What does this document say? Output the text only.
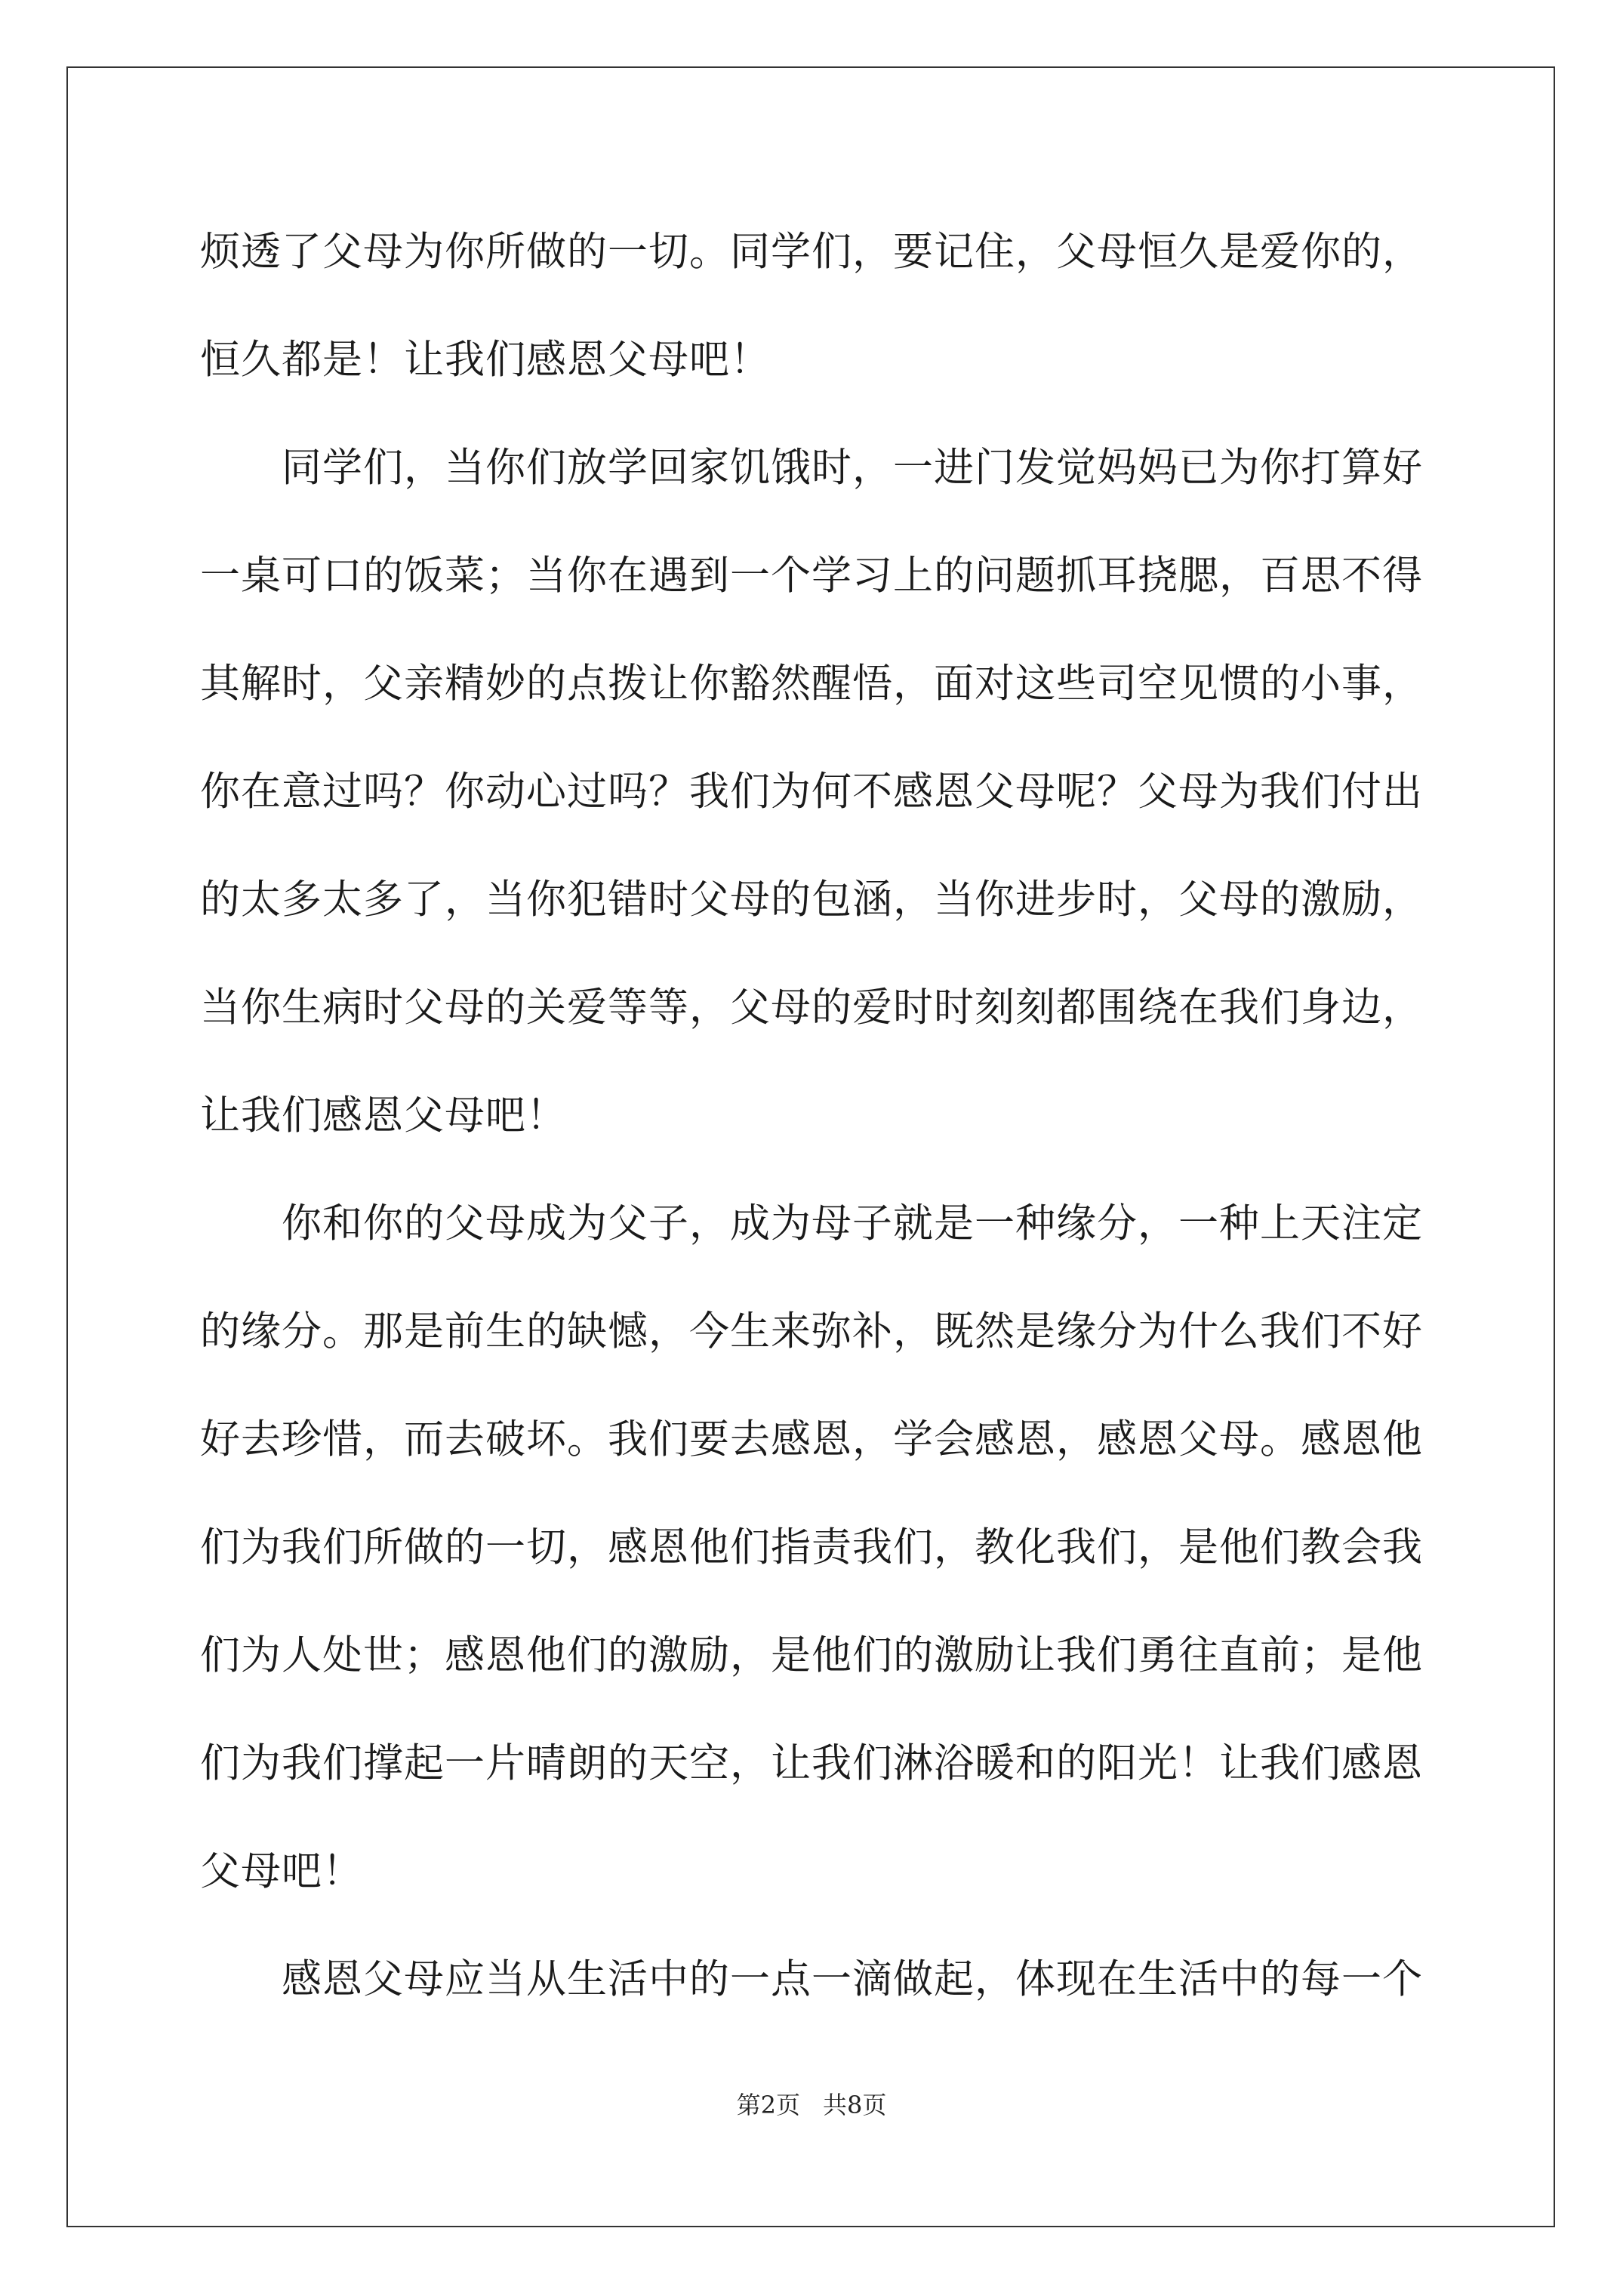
烦透了父母为你所做的一切。同学们，要记住，父母恒久是爱你的，
恒久都是！让我们感恩父母吧！
同学们，当你们放学回家饥饿时，一进门发觉妈妈已为你打算好
一桌可口的饭菜；当你在遇到一个学习上的问题抓耳挠腮，百思不得
其解时，父亲精妙的点拨让你豁然醒悟，面对这些司空见惯的小事，
你在意过吗？你动心过吗？我们为何不感恩父母呢？父母为我们付出
的太多太多了，当你犯错时父母的包涵，当你进步时，父母的激励，
当你生病时父母的关爱等等，父母的爱时时刻刻都围绕在我们身边，
让我们感恩父母吧！
你和你的父母成为父子，成为母子就是一种缘分，一种上天注定
的缘分。那是前生的缺憾，今生来弥补，既然是缘分为什么我们不好
好去珍惜，而去破坏。我们要去感恩，学会感恩，感恩父母。感恩他
们为我们所做的一切，感恩他们指责我们，教化我们，是他们教会我
们为人处世；感恩他们的激励，是他们的激励让我们勇往直前；是他
们为我们撑起一片晴朗的天空，让我们淋浴暖和的阳光！让我们感恩
父母吧！
感恩父母应当从生活中的一点一滴做起，体现在生活中的每一个
第2页 共8页
